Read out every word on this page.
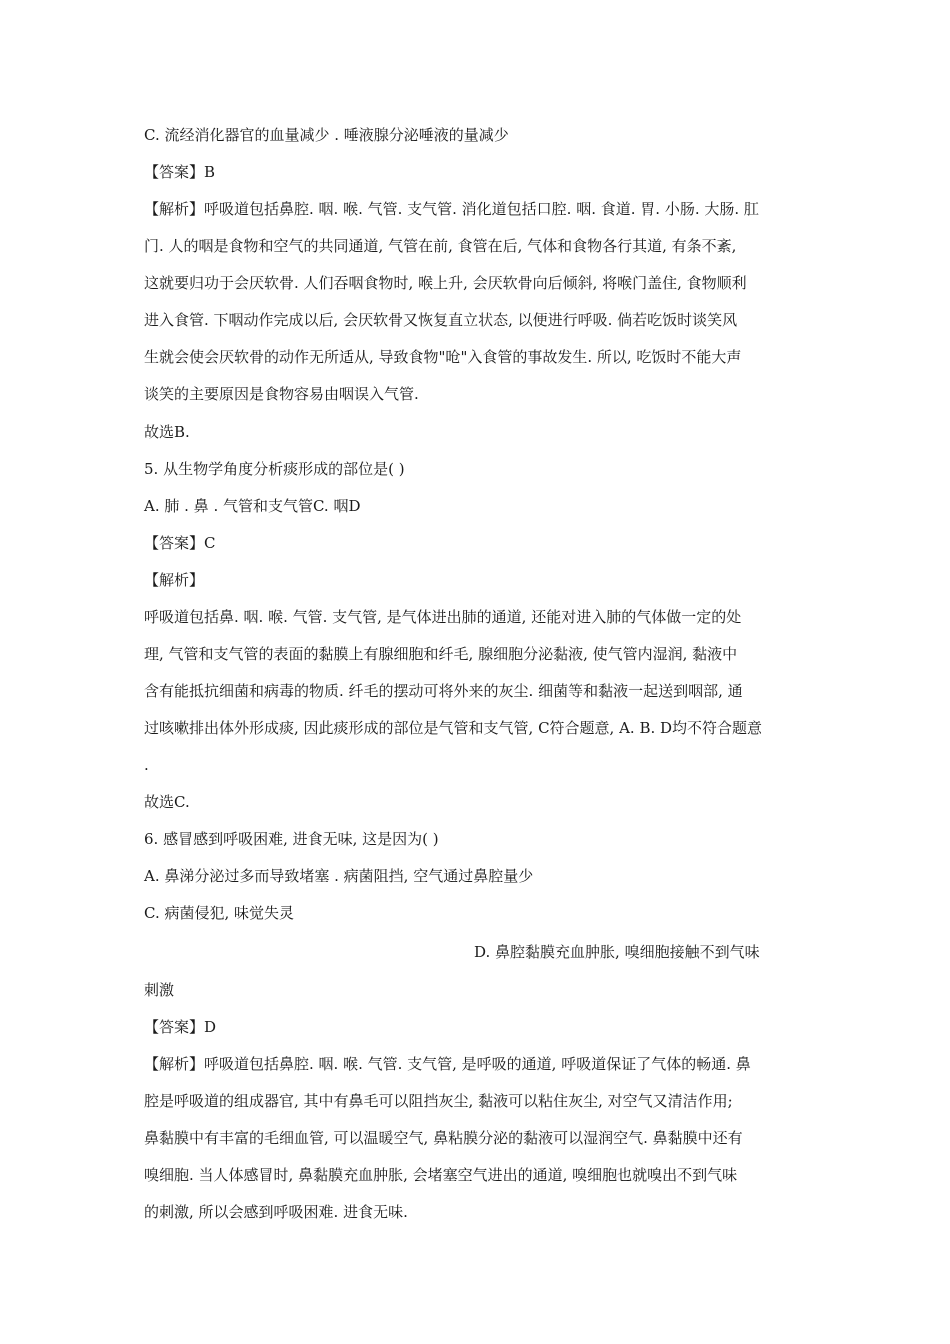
C. 流经消化器官的血量减少 . 唾液腺分泌唾液的量减少
【答案】B
【解析】呼吸道包括鼻腔. 咽. 喉. 气管. 支气管. 消化道包括口腔. 咽. 食道. 胃. 小肠. 大肠. 肛
门. 人的咽是食物和空气的共同通道, 气管在前, 食管在后, 气体和食物各行其道, 有条不紊,
这就要归功于会厌软骨. 人们吞咽食物时, 喉上升, 会厌软骨向后倾斜, 将喉门盖住, 食物顺利
进入食管. 下咽动作完成以后, 会厌软骨又恢复直立状态, 以便进行呼吸. 倘若吃饭时谈笑风
生就会使会厌软骨的动作无所适从, 导致食物"呛"入食管的事故发生. 所以, 吃饭时不能大声
谈笑的主要原因是食物容易由咽误入气管.
故选B.
5. 从生物学角度分析痰形成的部位是( )
A. 肺 . 鼻 . 气管和支气管C. 咽D
【答案】C
【解析】
呼吸道包括鼻. 咽. 喉. 气管. 支气管, 是气体进出肺的通道, 还能对进入肺的气体做一定的处
理, 气管和支气管的表面的黏膜上有腺细胞和纤毛, 腺细胞分泌黏液, 使气管内湿润, 黏液中
含有能抵抗细菌和病毒的物质. 纤毛的摆动可将外来的灰尘. 细菌等和黏液一起送到咽部, 通
过咳嗽排出体外形成痰, 因此痰形成的部位是气管和支气管, C符合题意, A. B. D均不符合题意
.
故选C.
6. 感冒感到呼吸困难, 进食无味, 这是因为( )
A. 鼻涕分泌过多而导致堵塞 . 病菌阻挡, 空气通过鼻腔量少
C. 病菌侵犯, 味觉失灵
D. 鼻腔黏膜充血肿胀, 嗅细胞接触不到气味
刺激
【答案】D
【解析】呼吸道包括鼻腔. 咽. 喉. 气管. 支气管, 是呼吸的通道, 呼吸道保证了气体的畅通. 鼻
腔是呼吸道的组成器官, 其中有鼻毛可以阻挡灰尘, 黏液可以粘住灰尘, 对空气又清洁作用;
鼻黏膜中有丰富的毛细血管, 可以温暖空气, 鼻粘膜分泌的黏液可以湿润空气. 鼻黏膜中还有
嗅细胞. 当人体感冒时, 鼻黏膜充血肿胀, 会堵塞空气进出的通道, 嗅细胞也就嗅出不到气味
的刺激, 所以会感到呼吸困难. 进食无味.
